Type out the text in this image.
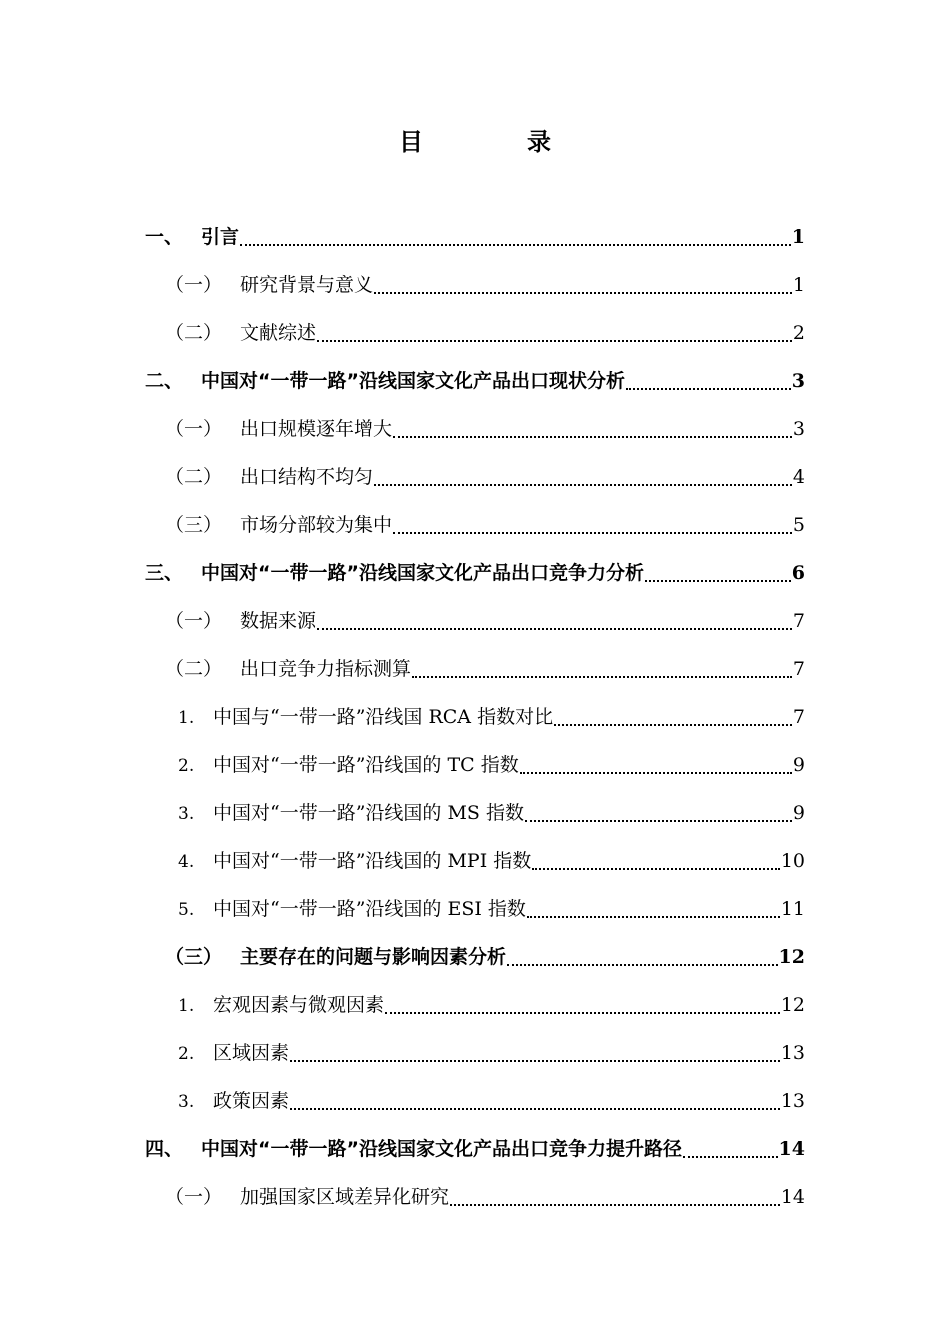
目　录
一、 引言	1
（一） 研究背景与意义	1
（二） 文献综述	2
二、 中国对“一带一路”沿线国家文化产品出口现状分析	3
（一） 出口规模逐年增大	3
（二） 出口结构不均匀	4
（三） 市场分部较为集中	5
三、 中国对“一带一路”沿线国家文化产品出口竞争力分析	6
（一） 数据来源	7
（二） 出口竞争力指标测算	7
1. 中国与“一带一路”沿线国 RCA 指数对比	7
2. 中国对“一带一路”沿线国的 TC 指数	9
3. 中国对“一带一路”沿线国的 MS 指数	9
4. 中国对“一带一路”沿线国的 MPI 指数	10
5. 中国对“一带一路”沿线国的 ESI 指数	11
（三） 主要存在的问题与影响因素分析	12
1. 宏观因素与微观因素	12
2. 区域因素	13
3. 政策因素	13
四、 中国对“一带一路”沿线国家文化产品出口竞争力提升路径	14
（一） 加强国家区域差异化研究	14
